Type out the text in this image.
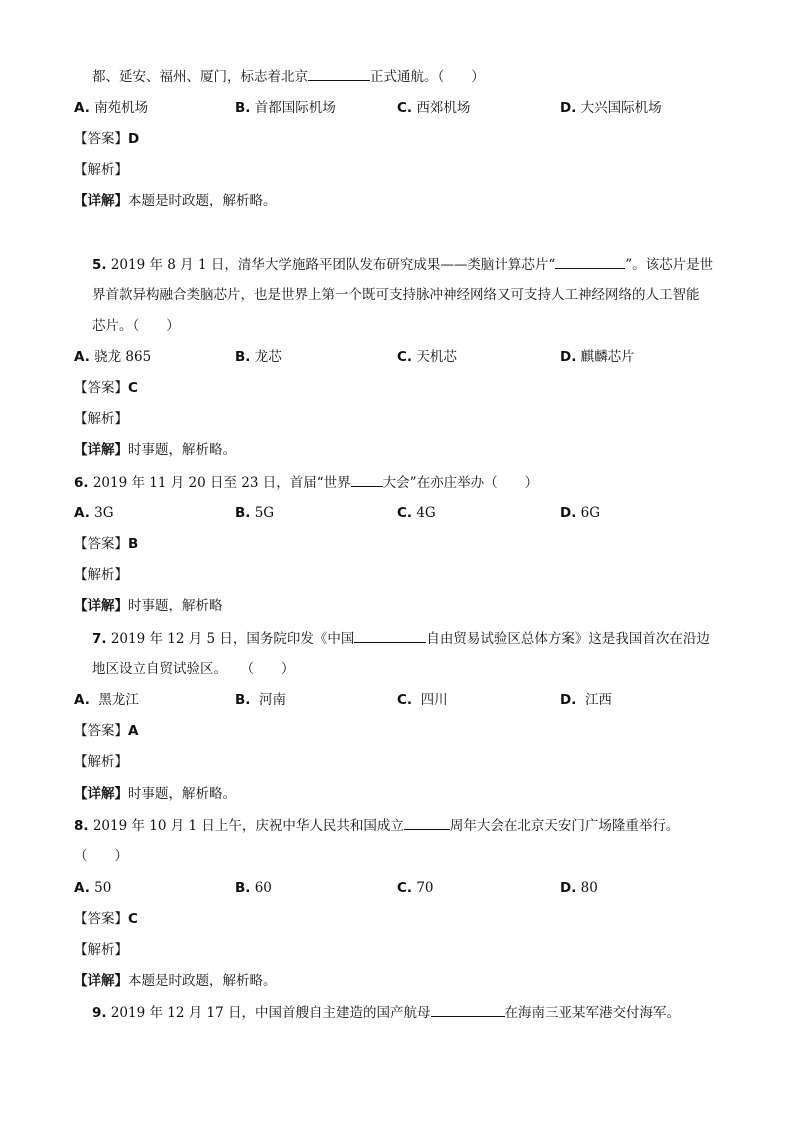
都、延安、福州、厦门，标志着北京	正式通航。（　　）
A. 南苑机场	B. 首都国际机场	C. 西郊机场	D. 大兴国际机场
【答案】D
【解析】
【详解】本题是时政题，解析略。
5. 2019 年 8 月 1 日，清华大学施路平团队发布研究成果——类脑计算芯片“	”。该芯片是世
界首款异构融合类脑芯片，也是世界上第一个既可支持脉冲神经网络又可支持人工神经网络的人工智能
芯片。（　　）
A. 骁龙 865	B. 龙芯	C. 天机芯	D. 麒麟芯片
【答案】C
【解析】
【详解】时事题，解析略。
6. 2019 年 11 月 20 日至 23 日，首届“世界 大会”在亦庄举办（　　）
A. 3G	B. 5G	C. 4G	D. 6G
【答案】B
【解析】
【详解】时事题，解析略
7. 2019 年 12 月 5 日，国务院印发《中国	自由贸易试验区总体方案》这是我国首次在沿边
地区设立自贸试验区。　　（　　）
A. 黑龙江	B. 河南	C. 四川	D. 江西
【答案】A
【解析】
【详解】时事题，解析略。
8. 2019 年 10 月 1 日上午，庆祝中华人民共和国成立	周年大会在北京天安门广场隆重举行。
（　　）
A. 50	B. 60	C. 70	D. 80
【答案】C
【解析】
【详解】本题是时政题，解析略。
9. 2019 年 12 月 17 日，中国首艘自主建造的国产航母	在海南三亚某军港交付海军。
